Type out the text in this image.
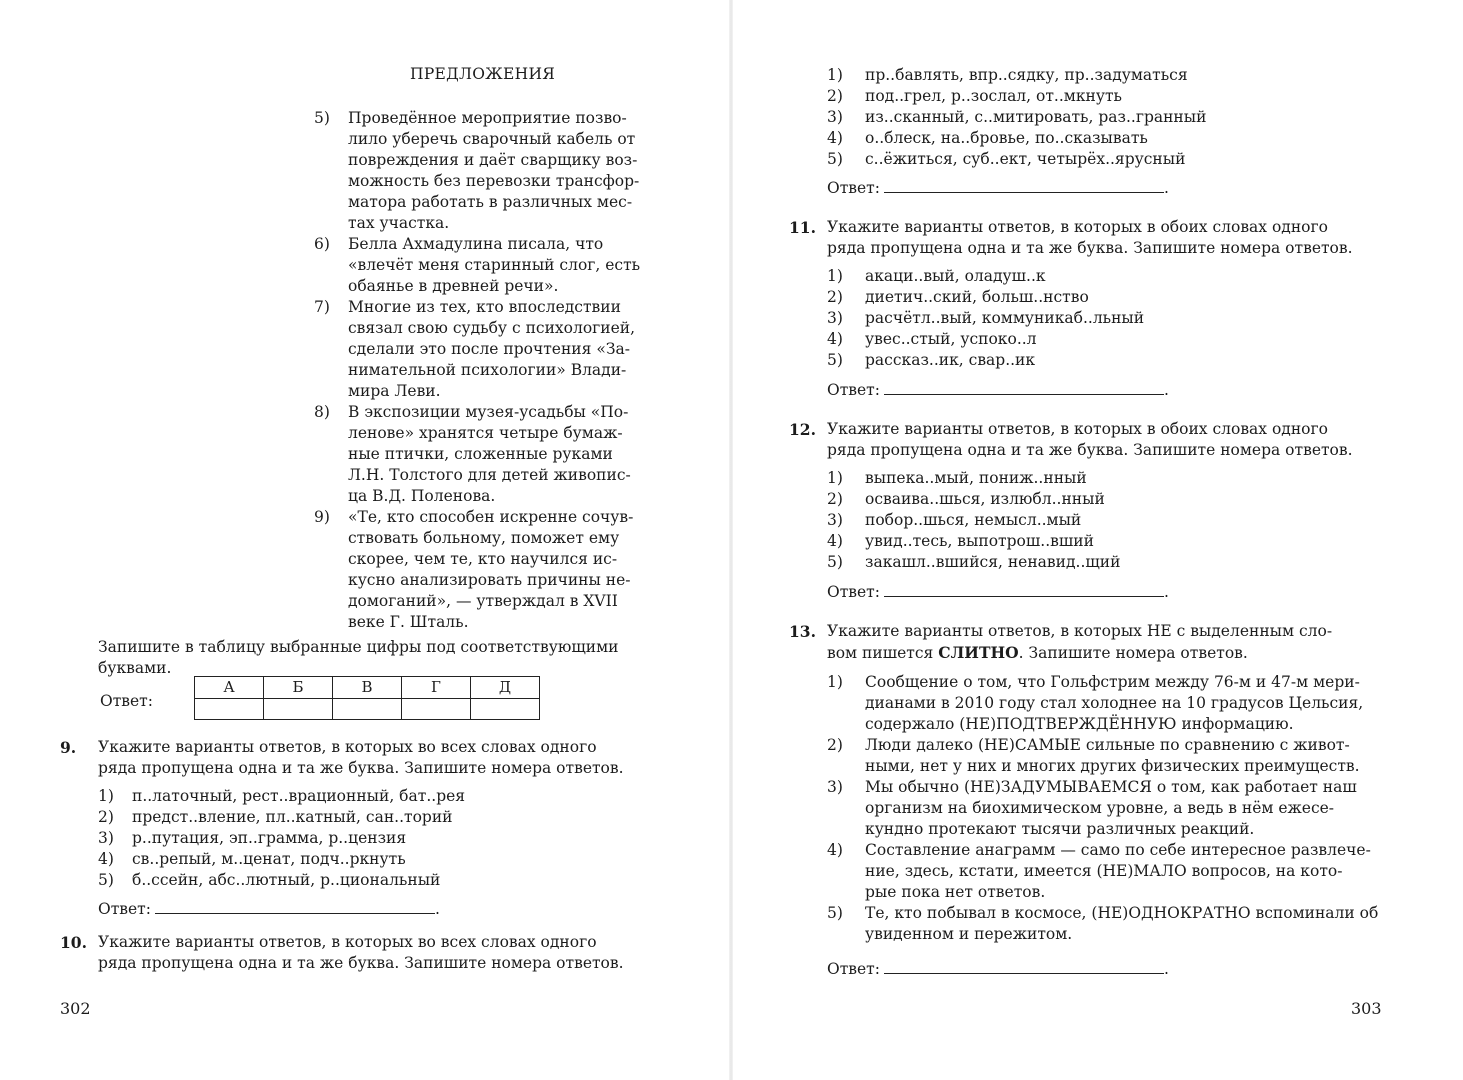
ПРЕДЛОЖЕНИЯ
5) Проведённое мероприятие позво-
лило уберечь сварочный кабель от
повреждения и даёт сварщику воз-
можность без перевозки трансфор-
матора работать в различных мес-
тах участка.
6) Белла Ахмадулина писала, что
«влечёт меня старинный слог, есть
обаянье в древней речи».
7) Многие из тех, кто впоследствии
связал свою судьбу с психологией,
сделали это после прочтения «За-
нимательной психологии» Влади-
мира Леви.
8) В экспозиции музея-усадьбы «По-
ленове» хранятся четыре бумаж-
ные птички, сложенные руками
Л.Н. Толстого для детей живопис-
ца В.Д. Поленова.
9) «Те, кто способен искренне сочув-
ствовать больному, поможет ему
скорее, чем те, кто научился ис-
кусно анализировать причины не-
домоганий», — утверждал в XVII
веке Г. Шталь.
Запишите в таблицу выбранные цифры под соответствующими
буквами.
Ответ:
А	Б	В	Г	Д

9. Укажите варианты ответов, в которых во всех словах одного
ряда пропущена одна и та же буква. Запишите номера ответов.
1) п..латочный, рест..врационный, бат..рея
2) предст..вление, пл..катный, сан..торий
3) р..путация, эп..грамма, р..цензия
4) св..репый, м..ценат, подч..ркнуть
5) б..ссейн, абс..лютный, р..циональный
Ответ:	.
10. Укажите варианты ответов, в которых во всех словах одного
ряда пропущена одна и та же буква. Запишите номера ответов.
302
1) пр..бавлять, впр..сядку, пр..задуматься
2) под..грел, р..зослал, от..мкнуть
3) из..сканный, с..митировать, раз..гранный
4) о..блеск, на..бровье, по..сказывать
5) с..ёжиться, суб..ект, четырёх..ярусный
Ответ:	.
11. Укажите варианты ответов, в которых в обоих словах одного
ряда пропущена одна и та же буква. Запишите номера ответов.
1) акаци..вый, оладуш..к
2) диетич..ский, больш..нство
3) расчётл..вый, коммуникаб..льный
4) увес..стый, успоко..л
5) рассказ..ик, свар..ик
Ответ:	.
12. Укажите варианты ответов, в которых в обоих словах одного
ряда пропущена одна и та же буква. Запишите номера ответов.
1) выпека..мый, пониж..нный
2) осваива..шься, излюбл..нный
3) побор..шься, немысл..мый
4) увид..тесь, выпотрош..вший
5) закашл..вшийся, ненавид..щий
Ответ:	.
13. Укажите варианты ответов, в которых НЕ с выделенным сло-
вом пишется СЛИТНО. Запишите номера ответов.
1) Сообщение о том, что Гольфстрим между 76-м и 47-м мери-
дианами в 2010 году стал холоднее на 10 градусов Цельсия,
содержало (НЕ)ПОДТВЕРЖДЁННУЮ информацию.
2) Люди далеко (НЕ)САМЫЕ сильные по сравнению с живот-
ными, нет у них и многих других физических преимуществ.
3) Мы обычно (НЕ)ЗАДУМЫВАЕМСЯ о том, как работает наш
организм на биохимическом уровне, а ведь в нём ежесе-
кундно протекают тысячи различных реакций.
4) Составление анаграмм — само по себе интересное развлече-
ние, здесь, кстати, имеется (НЕ)МАЛО вопросов, на кото-
рые пока нет ответов.
5) Те, кто побывал в космосе, (НЕ)ОДНОКРАТНО вспоминали об
увиденном и пережитом.
Ответ:	.
303
